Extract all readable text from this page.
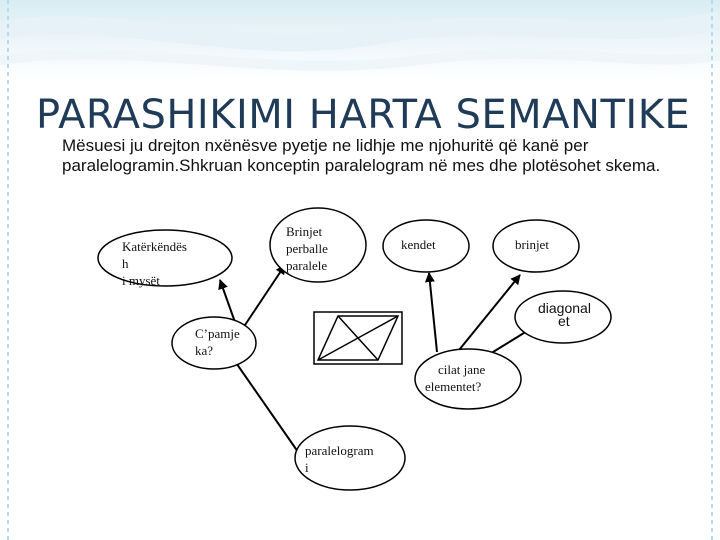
PARASHIKIMI HARTA SEMANTIKE
Mësuesi ju drejton nxënësve pyetje ne lidhje me njohuritë që kanë per paralelogramin.Shkruan konceptin paralelogram në mes dhe plotësohet skema.
Katërkëndës
h
i mysët
Brinjet
perballe
paralele
kendet	brinjet
diagonal
et
C’pamje
ka?
cilat jane
elementet?
paralelogram
i
